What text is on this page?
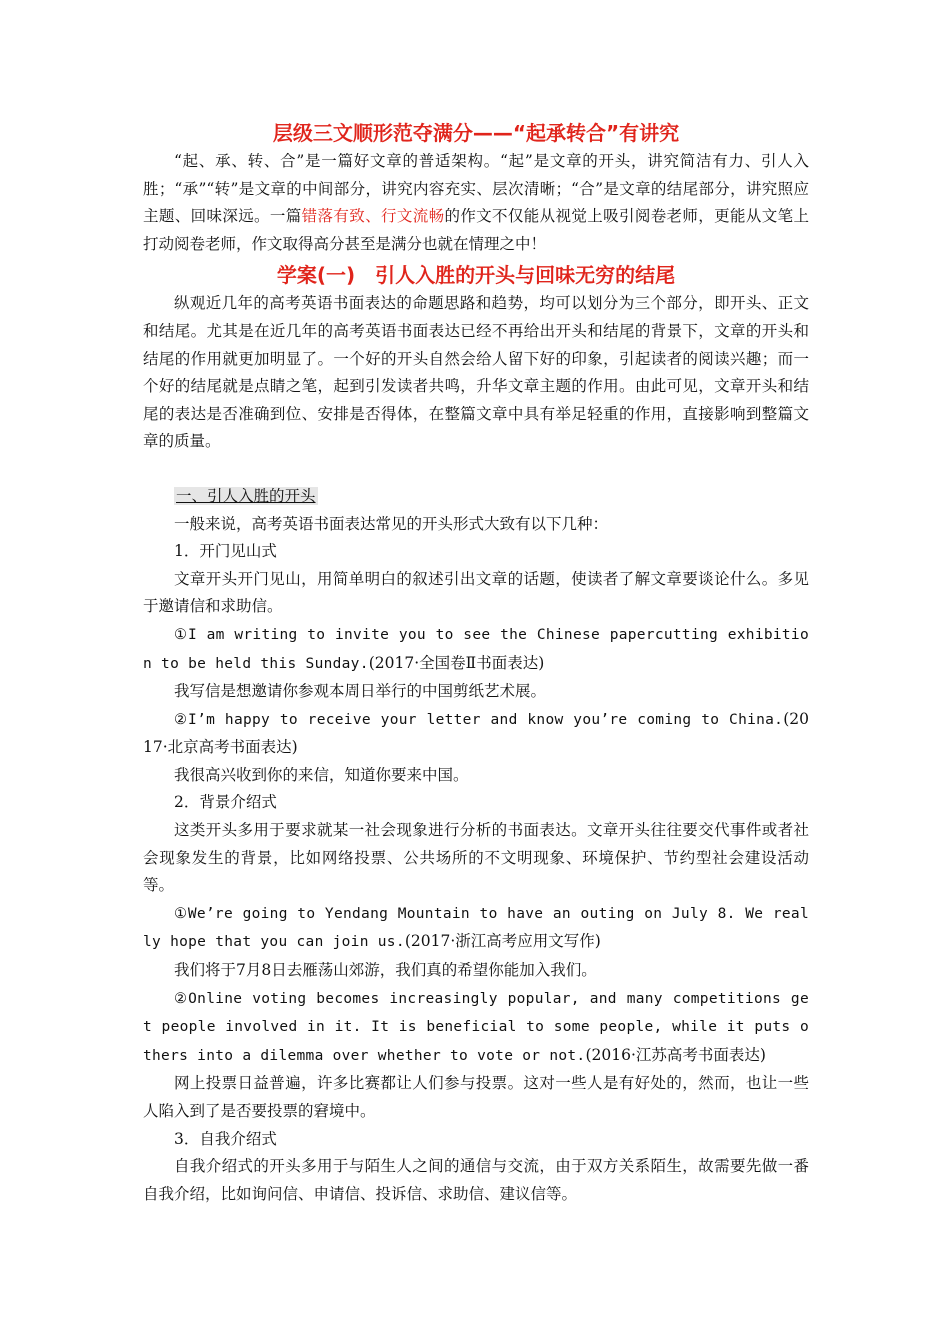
层级三文顺形范夺满分——“起承转合”有讲究

“起、承、转、合”是一篇好文章的普适架构。“起”是文章的开头，讲究简洁有力、引人入胜；“承”“转”是文章的中间部分，讲究内容充实、层次清晰；“合”是文章的结尾部分，讲究照应主题、回味深远。一篇错落有致、行文流畅的作文不仅能从视觉上吸引阅卷老师，更能从文笔上打动阅卷老师，作文取得高分甚至是满分也就在情理之中！

学案(一)　引人入胜的开头与回味无穷的结尾

纵观近几年的高考英语书面表达的命题思路和趋势，均可以划分为三个部分，即开头、正文和结尾。尤其是在近几年的高考英语书面表达已经不再给出开头和结尾的背景下，文章的开头和结尾的作用就更加明显了。一个好的开头自然会给人留下好的印象，引起读者的阅读兴趣；而一个好的结尾就是点睛之笔，起到引发读者共鸣，升华文章主题的作用。由此可见，文章开头和结尾的表达是否准确到位、安排是否得体，在整篇文章中具有举足轻重的作用，直接影响到整篇文章的质量。

一、引人入胜的开头

一般来说，高考英语书面表达常见的开头形式大致有以下几种：

1．开门见山式

文章开头开门见山，用简单明白的叙述引出文章的话题，使读者了解文章要谈论什么。多见于邀请信和求助信。

①I am writing to invite you to see the Chinese papercutting exhibition to be held this Sunday.(2017·全国卷Ⅱ书面表达)

我写信是想邀请你参观本周日举行的中国剪纸艺术展。

②I’m happy to receive your letter and know you’re coming to China.(2017·北京高考书面表达)

我很高兴收到你的来信，知道你要来中国。

2．背景介绍式

这类开头多用于要求就某一社会现象进行分析的书面表达。文章开头往往要交代事件或者社会现象发生的背景，比如网络投票、公共场所的不文明现象、环境保护、节约型社会建设活动等。

①We’re going to Yendang Mountain to have an outing on July 8. We really hope that you can join us.(2017·浙江高考应用文写作)

我们将于7月8日去雁荡山郊游，我们真的希望你能加入我们。

②Online voting becomes increasingly popular, and many competitions get people involved in it. It is beneficial to some people, while it puts others into a dilemma over whether to vote or not.(2016·江苏高考书面表达)

网上投票日益普遍，许多比赛都让人们参与投票。这对一些人是有好处的，然而，也让一些人陷入到了是否要投票的窘境中。

3．自我介绍式

自我介绍式的开头多用于与陌生人之间的通信与交流，由于双方关系陌生，故需要先做一番自我介绍，比如询问信、申请信、投诉信、求助信、建议信等。
